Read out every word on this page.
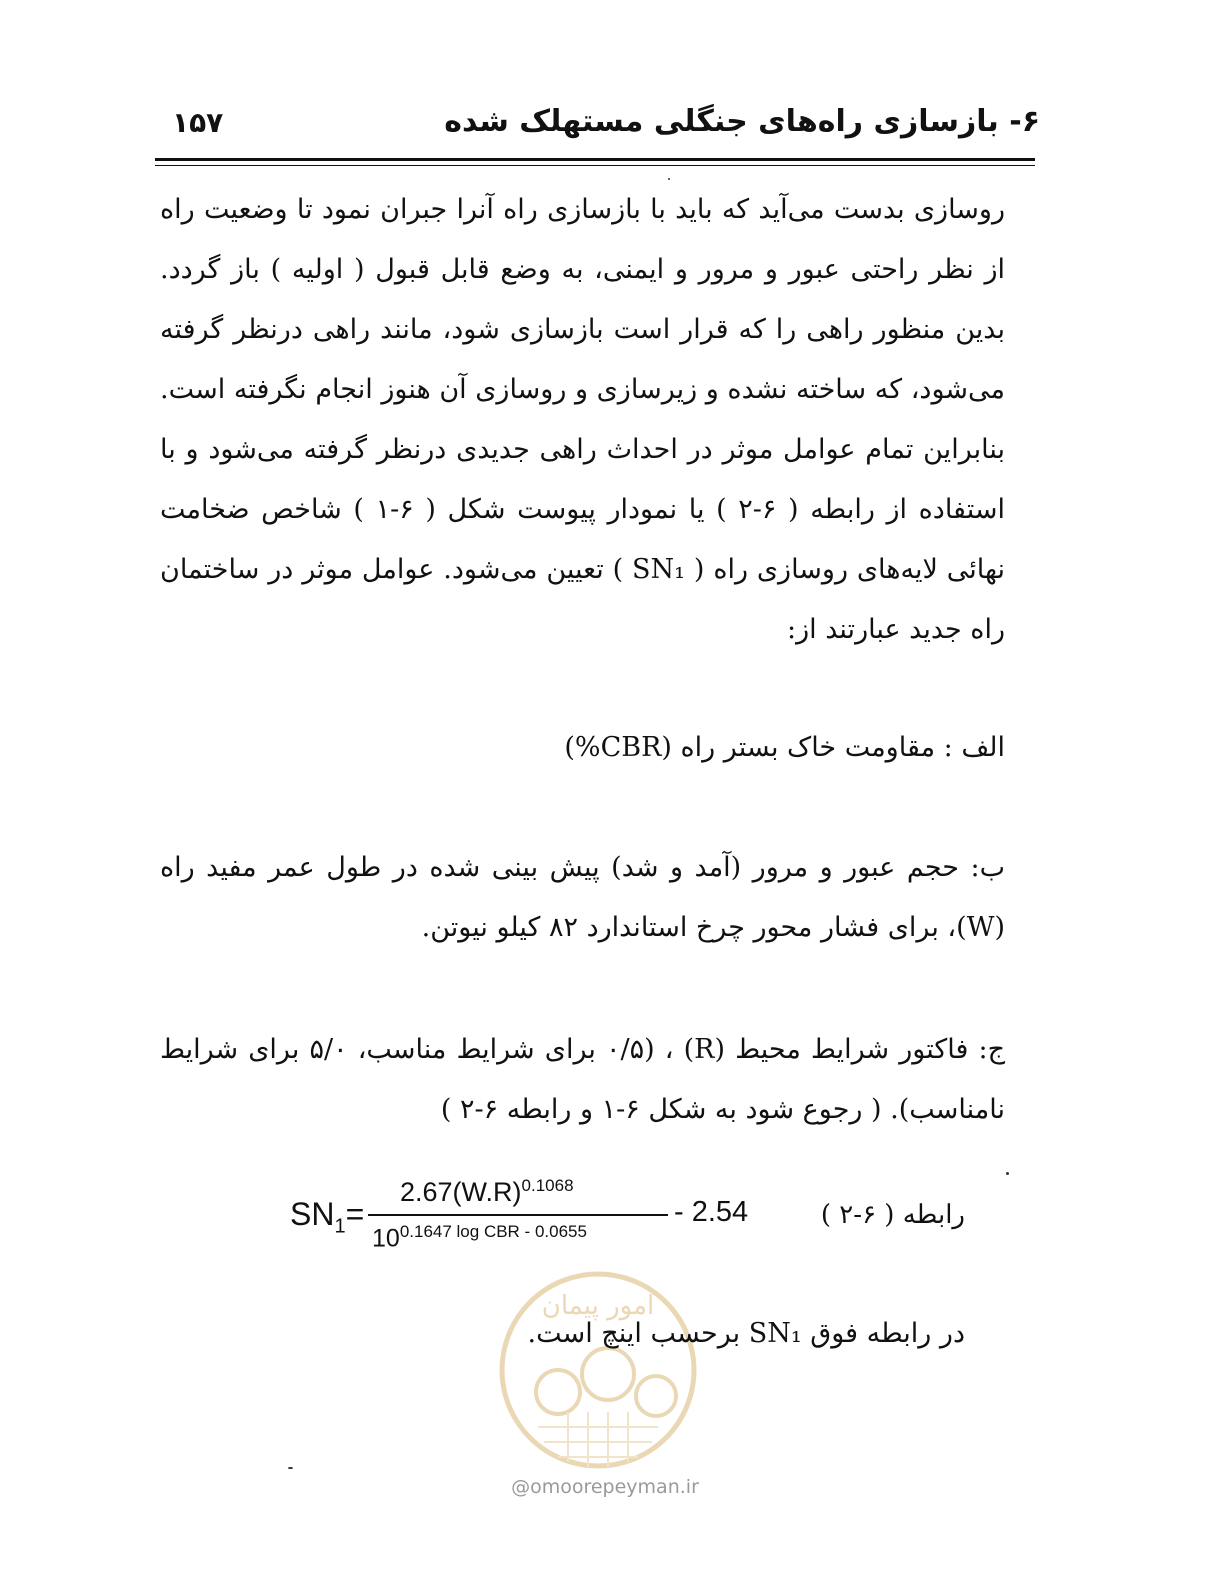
۶- بازسازی راه‌های جنگلی مستهلک شده
۱۵۷

روسازی بدست می‌آید که باید با بازسازی راه آنرا جبران نمود تا وضعیت راه از نظر راحتی عبور و مرور و ایمنی، به وضع قابل قبول ( اولیه ) باز گردد. بدین منظور راهی را که قرار است بازسازی شود، مانند راهی درنظر گرفته می‌شود، که ساخته نشده و زیرسازی و روسازی آن هنوز انجام نگرفته است. بنابراین تمام عوامل موثر در احداث راهی جدیدی درنظر گرفته می‌شود و با استفاده از رابطه ( ۶-۲ ) یا نمودار پیوست شکل ( ۶-۱ ) شاخص ضخامت نهائی لایه‌های روسازی راه ( SN₁ ) تعیین می‌شود. عوامل موثر در ساختمان راه جدید عبارتند از:

الف : مقاومت خاک بستر راه (CBR%)
ب: حجم عبور و مرور (آمد و شد) پیش بینی شده در طول عمر مفید راه (W)، برای فشار محور چرخ استاندارد ۸۲ کیلو نیوتن.
ج: فاکتور شرایط محیط (R) ، (۰/۵ برای شرایط مناسب، ۵/۰ برای شرایط نامناسب). ( رجوع شود به شکل ۶-۱ و رابطه ۶-۲ )
$SN_1=$
$2.67(W.R)^{0.1068}$
$10^{0.1647 log CBR - 0.0655}$
- 2.54	رابطه ( ۶-۲ )
امور پیمان
در رابطه فوق SN₁ برحسب اینچ است.
@omoorepeyman.ir
